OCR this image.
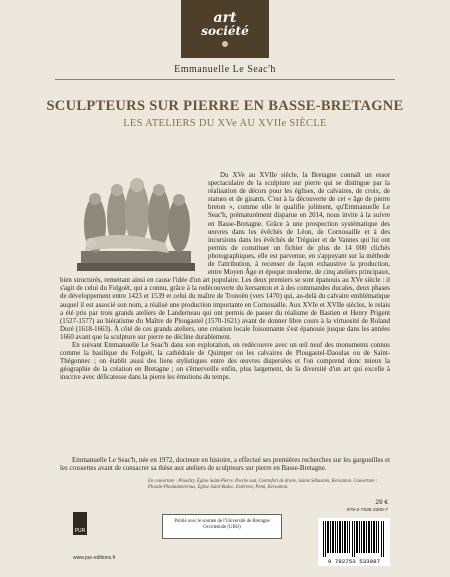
art
société
Emmanuelle Le Seac'h
SCULPTEURS SUR PIERRE EN BASSE-BRETAGNE
LES ATELIERS DU XVe AU XVIIe SIÈCLE

Du XVe au XVIIe siècle, la Bretagne connaît un essor spectaculaire de la sculpture sur pierre qui se distingue par la réalisation de décors pour les églises, de calvaires, de croix, de statues et de gisants. C'est à la découverte de cet « âge de pierre breton », comme elle le qualifie joliment, qu'Emmanuelle Le Seac'h, prématurément disparue en 2014, nous invite à la suivre en Basse-Bretagne. Grâce à une prospection systématique des œuvres dans les évêchés de Léon, de Cornouaille et à des incursions dans les évêchés de Tréguier et de Vannes qui lui ont permis de constituer un fichier de plus de 14 000 clichés photographiques, elle est parvenue, en s'appuyant sur la méthode de l'attribution, à recenser de façon exhaustive la production, entre Moyen Âge et époque moderne, de cinq ateliers principaux, bien structurés, remettant ainsi en cause l'idée d'un art populaire. Les deux premiers se sont épanouis au XVe siècle : il s'agit de celui du Folgoët, qui a connu, grâce à la redécouverte du kersanton et à des commandes ducales, deux phases de développement entre 1423 et 1539 et celui du maître de Tronoën (vers 1470) qui, au-delà du calvaire emblématique auquel il est associé son nom, a réalisé une production importante en Cornouaille. Aux XVIe et XVIIe siècles, le relais a été pris par trois grands ateliers de Landerneau qui ont permis de passer du réalisme de Bastien et Henry Prigent (1527-1577) au hiératisme du Maître de Plougastel (1570-1621) avant de donner libre cours à la virtuosité de Roland Doré (1618-1663). À côté de ces grands ateliers, une création locale foisonnante s'est épanouie jusque dans les années 1660 avant que la sculpture sur pierre ne décline durablement.

En suivant Emmanuelle Le Seac'h dans son exploration, on redécouvre avec un œil neuf des monuments connus comme la basilique du Folgoët, la cathédrale de Quimper ou les calvaires de Plougastel-Daoulas ou de Saint-Thégonnec ; on établit aussi des liens stylistiques entre des œuvres dispersées et l'on comprend donc mieux la géographie de la création en Bretagne ; on s'émerveille enfin, plus largement, de la diversité d'un art qui excelle à inscrire avec délicatesse dans la pierre les émotions du temps.

Emmanuelle Le Seac'h, née en 1972, docteure en histoire, a effectué ses premières recherches sur les gargouilles et les crossettes avant de consacrer sa thèse aux ateliers de sculpteurs sur pierre en Basse-Bretagne.

En couverture : Ploudiry, Église Saint-Pierre, Porche sud, Contrefort de droite, Sainte Sébastien, Kersanton. Couverture : Plouzin-Plouladaniernus, Église Saint-Budoc. Extérieur, Pietà, Kersanton.
29 €
978-2-7535-3309-7
PUR
Publié avec le soutien de l'Université de Bretagne Occidentale (UBO)
www.pur-editions.fr	9 782753 533097
